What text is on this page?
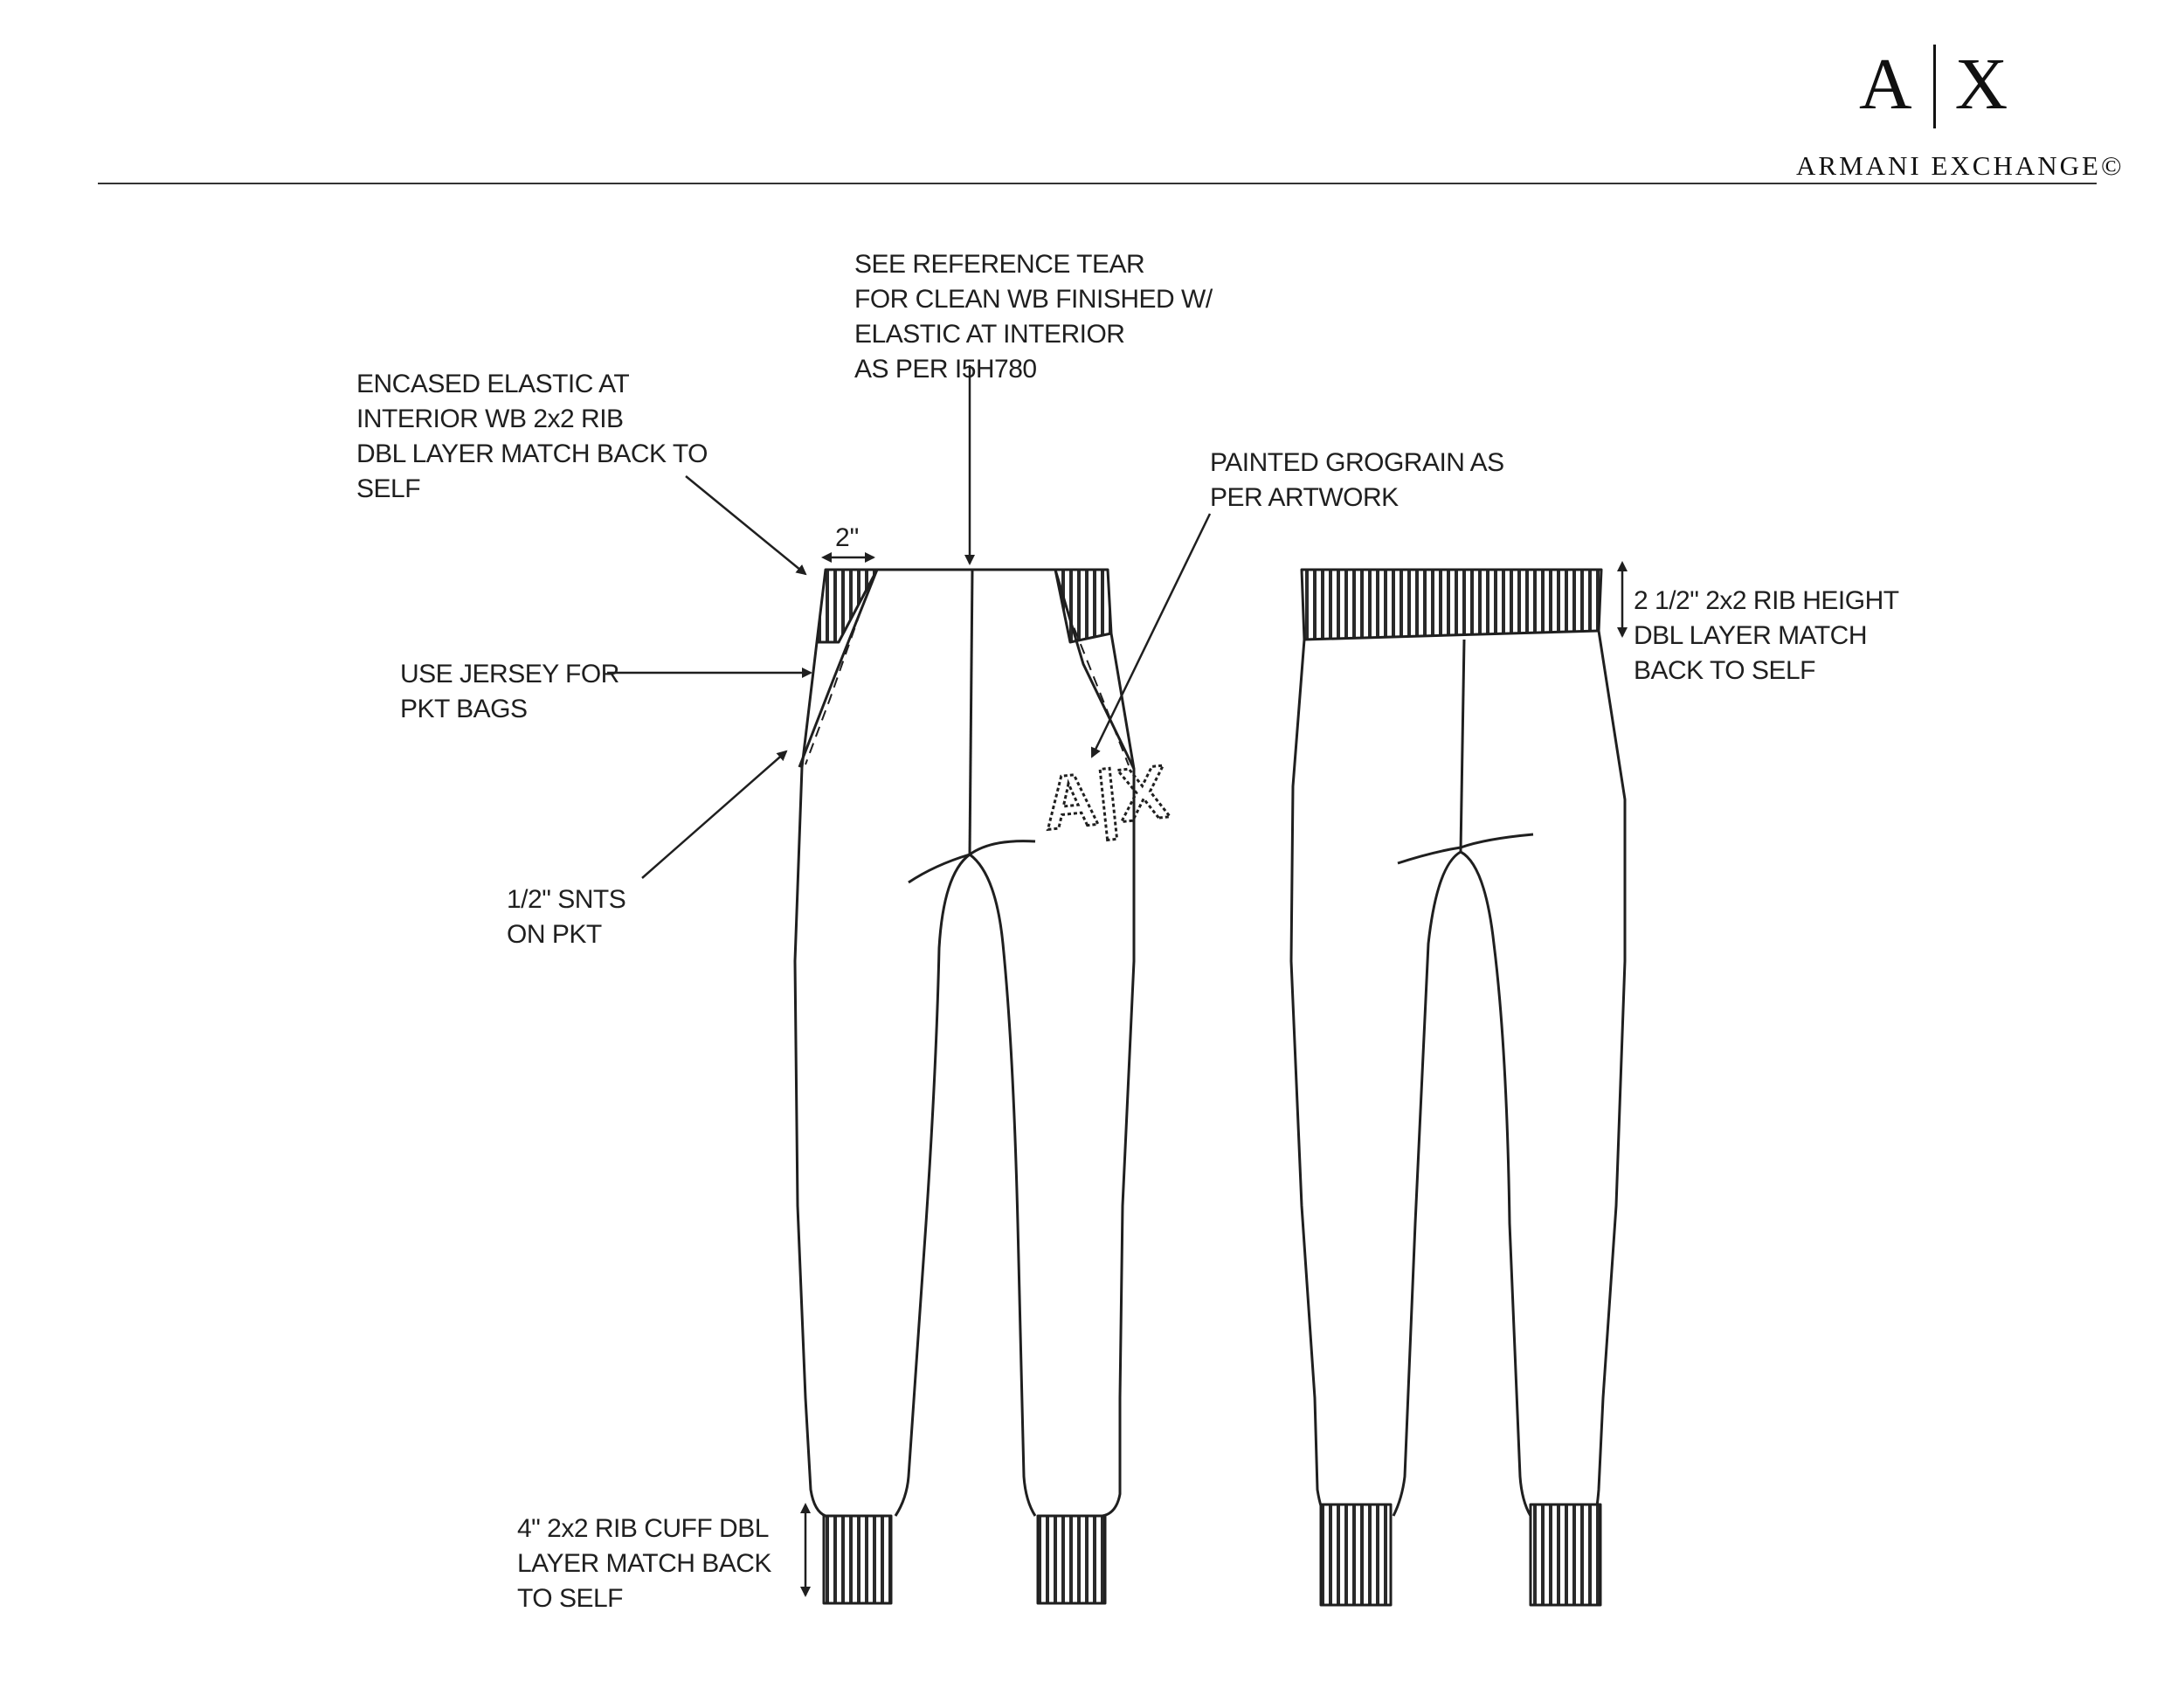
A|X
2"
A X
ARMANI EXCHANGE©
SEE REFERENCE TEAR
FOR CLEAN WB FINISHED W/
ELASTIC AT INTERIOR
AS PER I5H780
ENCASED ELASTIC AT
INTERIOR WB 2x2 RIB
DBL LAYER MATCH BACK TO
SELF
PAINTED GROGRAIN AS
PER ARTWORK
USE JERSEY FOR
PKT BAGS
1/2" SNTS
ON PKT
2 1/2" 2x2 RIB HEIGHT
DBL LAYER MATCH
BACK TO SELF
4" 2x2 RIB CUFF DBL
LAYER MATCH BACK
TO SELF
